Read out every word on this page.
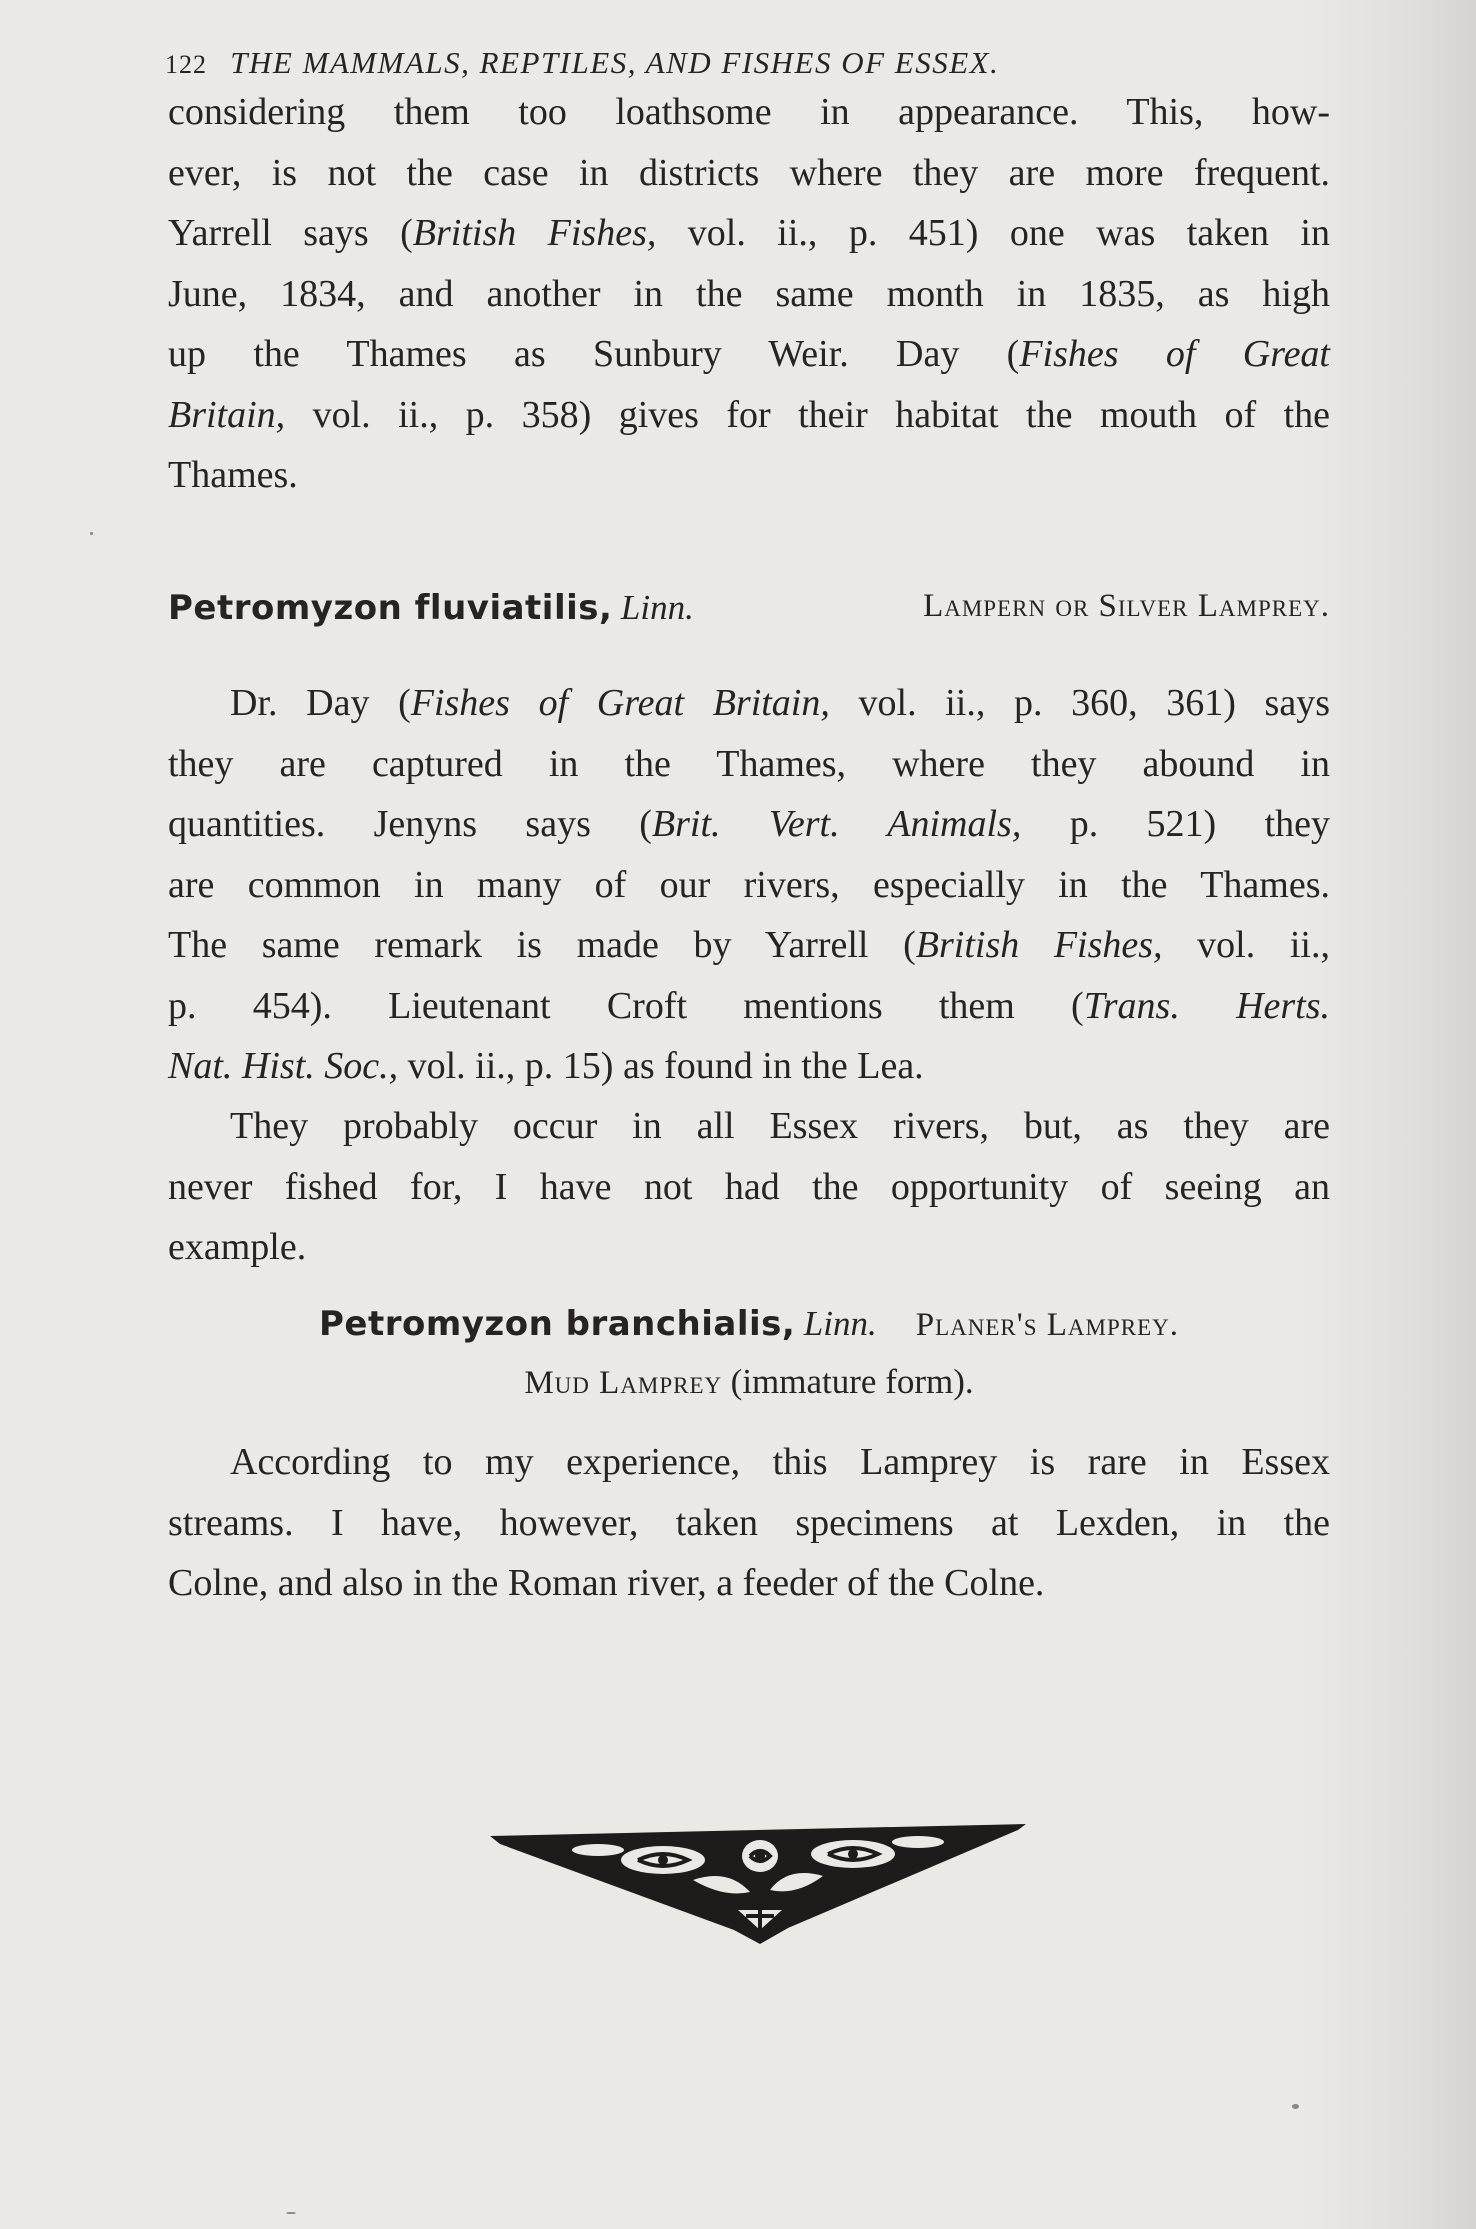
122 THE MAMMALS, REPTILES, AND FISHES OF ESSEX.
considering them too loathsome in appearance. This, how-
ever, is not the case in districts where they are more frequent.
Yarrell says (British Fishes, vol. ii., p. 451) one was taken in
June, 1834, and another in the same month in 1835, as high
up the Thames as Sunbury Weir. Day (Fishes of Great
Britain, vol. ii., p. 358) gives for their habitat the mouth of the
Thames.
Petromyzon fluviatilis, Linn.	Lampern or Silver Lamprey.
Dr. Day (Fishes of Great Britain, vol. ii., p. 360, 361) says
they are captured in the Thames, where they abound in
quantities. Jenyns says (Brit. Vert. Animals, p. 521) they
are common in many of our rivers, especially in the Thames.
The same remark is made by Yarrell (British Fishes, vol. ii.,
p. 454). Lieutenant Croft mentions them (Trans. Herts.
Nat. Hist. Soc., vol. ii., p. 15) as found in the Lea.
They probably occur in all Essex rivers, but, as they are
never fished for, I have not had the opportunity of seeing an
example.
Petromyzon branchialis, Linn. Planer's Lamprey.
Mud Lamprey (immature form).
According to my experience, this Lamprey is rare in Essex
streams. I have, however, taken specimens at Lexden, in the
Colne, and also in the Roman river, a feeder of the Colne.
